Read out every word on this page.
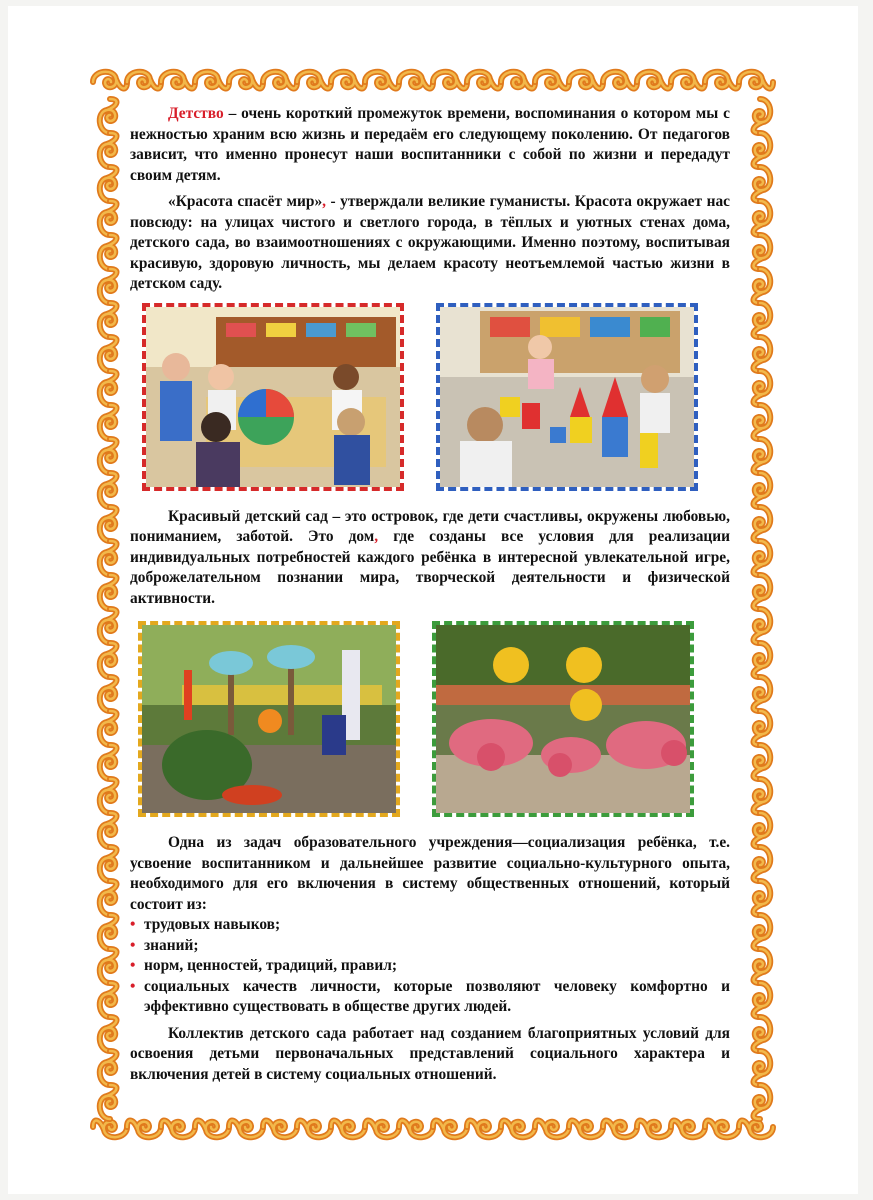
Детство – очень короткий промежуток времени, воспоминания о котором мы с нежностью храним всю жизнь и передаём его следующему поколению. От педагогов зависит, что именно пронесут наши воспитанники с собой по жизни и передадут своим детям.

«Красота спасёт мир», - утверждали великие гуманисты. Красота окружает нас повсюду: на улицах чистого и светлого города, в тёплых и уютных стенах дома, детского сада, во взаимоотношениях с окружающими. Именно поэтому, воспитывая красивую, здоровую личность, мы делаем красоту неотъемлемой частью жизни в детском саду.

Красивый детский сад – это островок, где дети счастливы, окружены любовью, пониманием, заботой. Это дом, где созданы все условия для реализации индивидуальных потребностей каждого ребёнка в интересной увлекательной игре, доброжелательном познании мира, творческой деятельности и физической активности.

Одна из задач образовательного учреждения—социализация ребёнка, т.е. усвоение воспитанником и дальнейшее развитие социально-культурного опыта, необходимого для его включения в систему общественных отношений, который состоит из:

• трудовых навыков;
• знаний;
• норм, ценностей, традиций, правил;
• социальных качеств личности, которые позволяют человеку комфортно и эффективно существовать в обществе других людей.

Коллектив детского сада работает над созданием благоприятных условий для освоения детьми первоначальных представлений социального характера и включения детей в систему социальных отношений.
